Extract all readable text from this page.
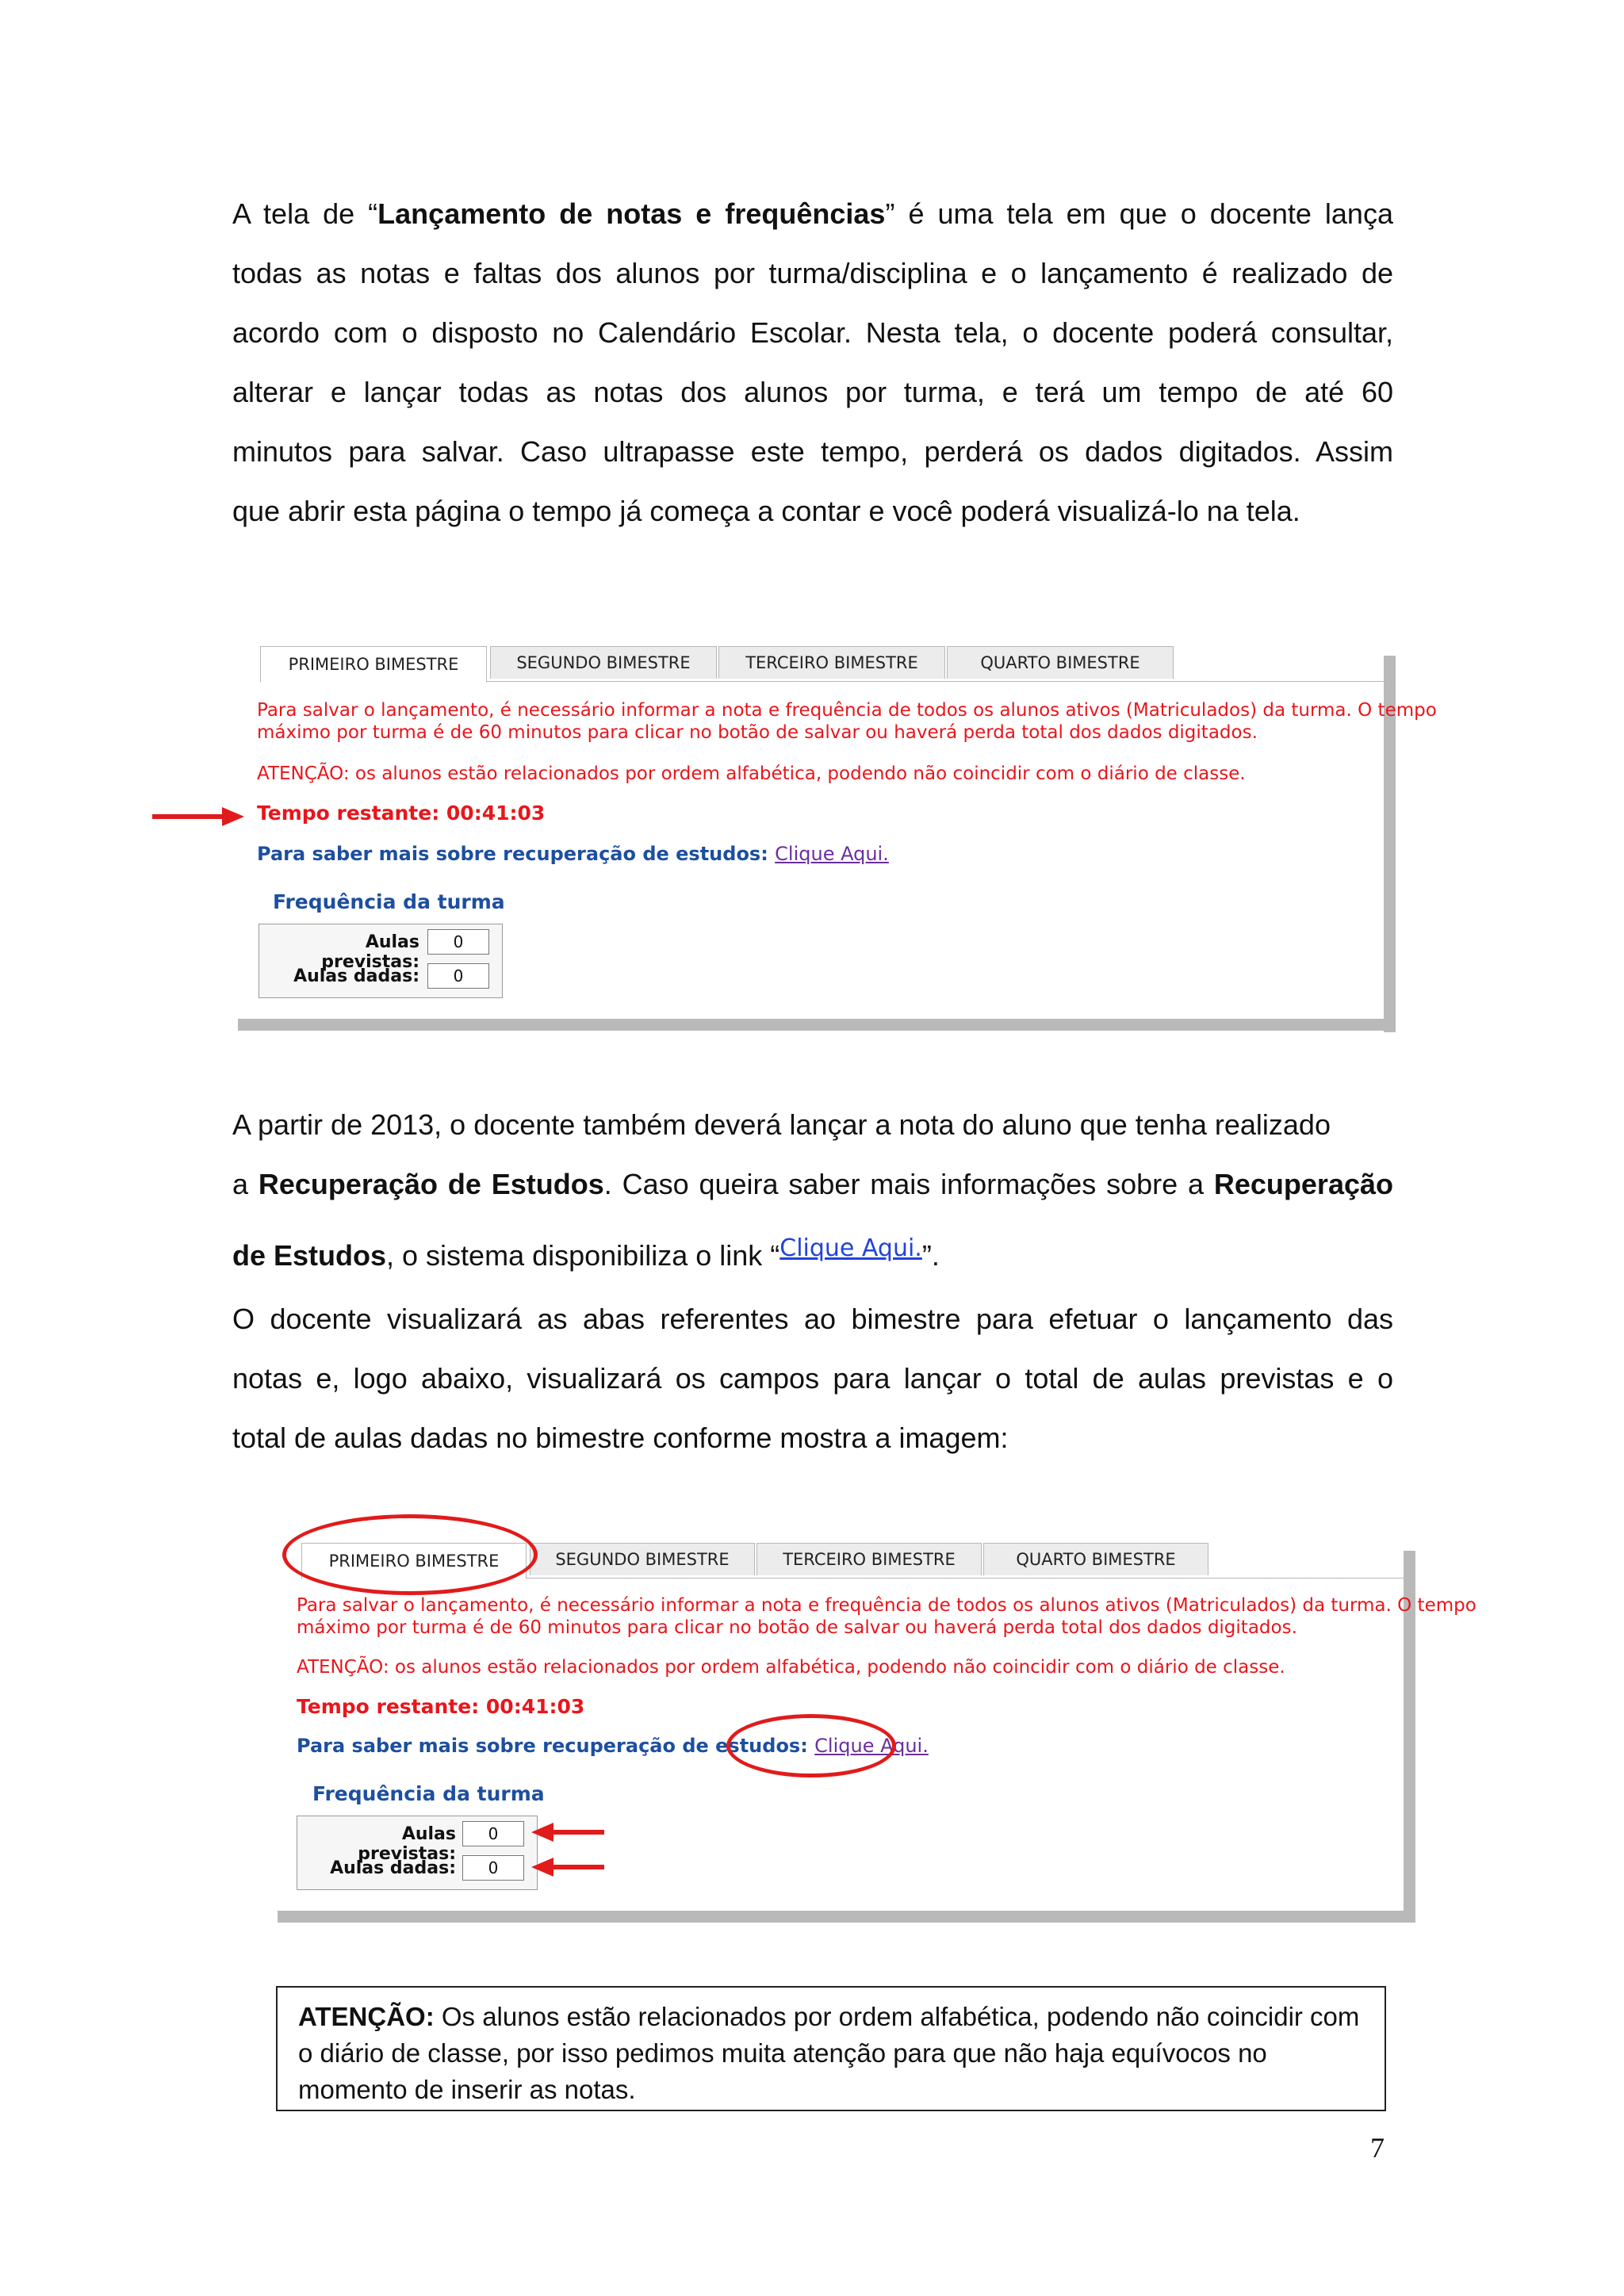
A tela de “Lançamento de notas e frequências” é uma tela em que o docente lança
todas as notas e faltas dos alunos por turma/disciplina e o lançamento é realizado de
acordo com o disposto no Calendário Escolar. Nesta tela, o docente poderá consultar,
alterar e lançar todas as notas dos alunos por turma, e terá um tempo de até 60
minutos para salvar. Caso ultrapasse este tempo, perderá os dados digitados. Assim
que abrir esta página o tempo já começa a contar e você poderá visualizá-lo na tela.
PRIMEIRO BIMESTRE	SEGUNDO BIMESTRE	TERCEIRO BIMESTRE	QUARTO BIMESTRE
Para salvar o lançamento, é necessário informar a nota e frequência de todos os alunos ativos (Matriculados) da turma. O tempo
máximo por turma é de 60 minutos para clicar no botão de salvar ou haverá perda total dos dados digitados.
ATENÇÃO: os alunos estão relacionados por ordem alfabética, podendo não coincidir com o diário de classe.
Tempo restante: 00:41:03
Para saber mais sobre recuperação de estudos: Clique Aqui.
Frequência da turma
Aulas previstas:
0
Aulas dadas:	0
A partir de 2013, o docente também deverá lançar a nota do aluno que tenha realizado
a Recuperação de Estudos. Caso queira saber mais informações sobre a Recuperação
de Estudos, o sistema disponibiliza o link “$^{Clique Aqui.}$”.
O docente visualizará as abas referentes ao bimestre para efetuar o lançamento das
notas e, logo abaixo, visualizará os campos para lançar o total de aulas previstas e o
total de aulas dadas no bimestre conforme mostra a imagem:
PRIMEIRO BIMESTRE	SEGUNDO BIMESTRE	TERCEIRO BIMESTRE	QUARTO BIMESTRE
Para salvar o lançamento, é necessário informar a nota e frequência de todos os alunos ativos (Matriculados) da turma. O tempo
máximo por turma é de 60 minutos para clicar no botão de salvar ou haverá perda total dos dados digitados.
ATENÇÃO: os alunos estão relacionados por ordem alfabética, podendo não coincidir com o diário de classe.
Tempo restante: 00:41:03
Para saber mais sobre recuperação de estudos: Clique Aqui.
Frequência da turma
Aulas previstas:
0
Aulas dadas:	0
ATENÇÃO: Os alunos estão relacionados por ordem alfabética, podendo não coincidir com o diário de classe, por isso pedimos muita atenção para que não haja equívocos no momento de inserir as notas.
7
